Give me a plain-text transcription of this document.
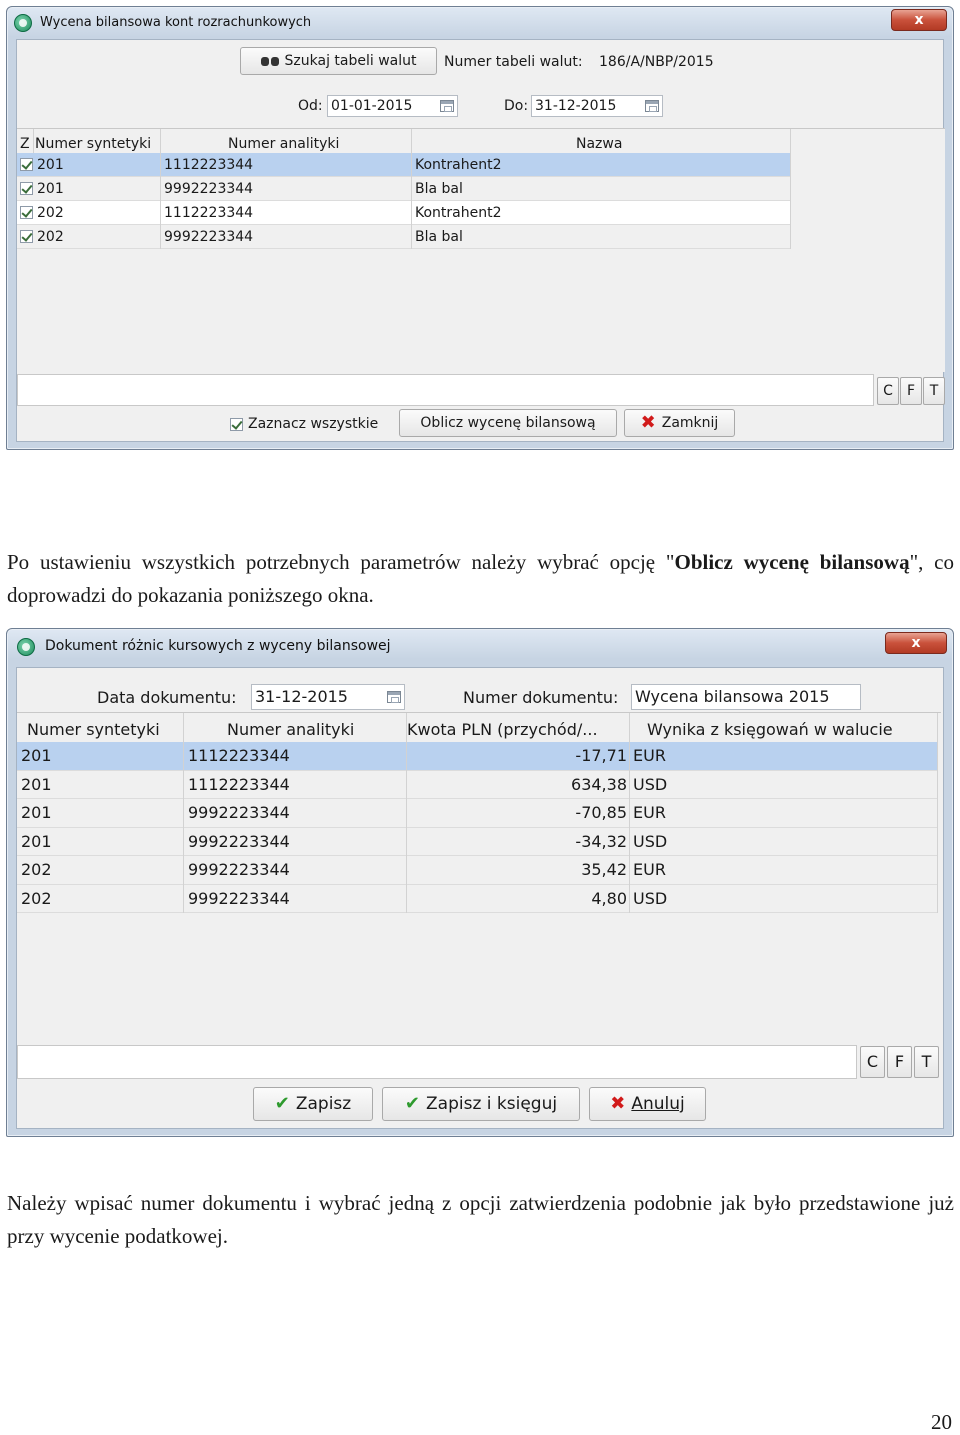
Wycena bilansowa kont rozrachunkowych	x
Szukaj tabeli walut Numer tabeli walut: 186/A/NBP/2015
Od: 01-01-2015	Do: 31-12-2015
Z Numer syntetyki	Numer analityki	Nazwa
201	1112223344	Kontrahent2
201	9992223344	Bla bal
202	1112223344	Kontrahent2
202	9992223344	Bla bal
C	F	T
Zaznacz wszystkie	Oblicz wycenę bilansową	✖ Zamknij

Po ustawieniu wszystkich potrzebnych parametrów należy wybrać opcję "Oblicz wycenę bilansową", co doprowadzi do pokazania poniższego okna.

Dokument różnic kursowych z wyceny bilansowej	x
Data dokumentu: 31-12-2015	Numer dokumentu: Wycena bilansowa 2015
Numer syntetyki	Numer analityki	Kwota PLN (przychód/...	Wynika z księgowań w walucie
201	1112223344	-17,71 EUR
201	1112223344	634,38 USD
201	9992223344	-70,85 EUR
201	9992223344	-34,32 USD
202	9992223344	35,42 EUR
202	9992223344	4,80 USD
C	F	T
✔ Zapisz	✔ Zapisz i księguj	✖ Anuluj

Należy wpisać numer dokumentu i wybrać jedną z opcji zatwierdzenia podobnie jak było przedstawione już przy wycenie podatkowej.

20
